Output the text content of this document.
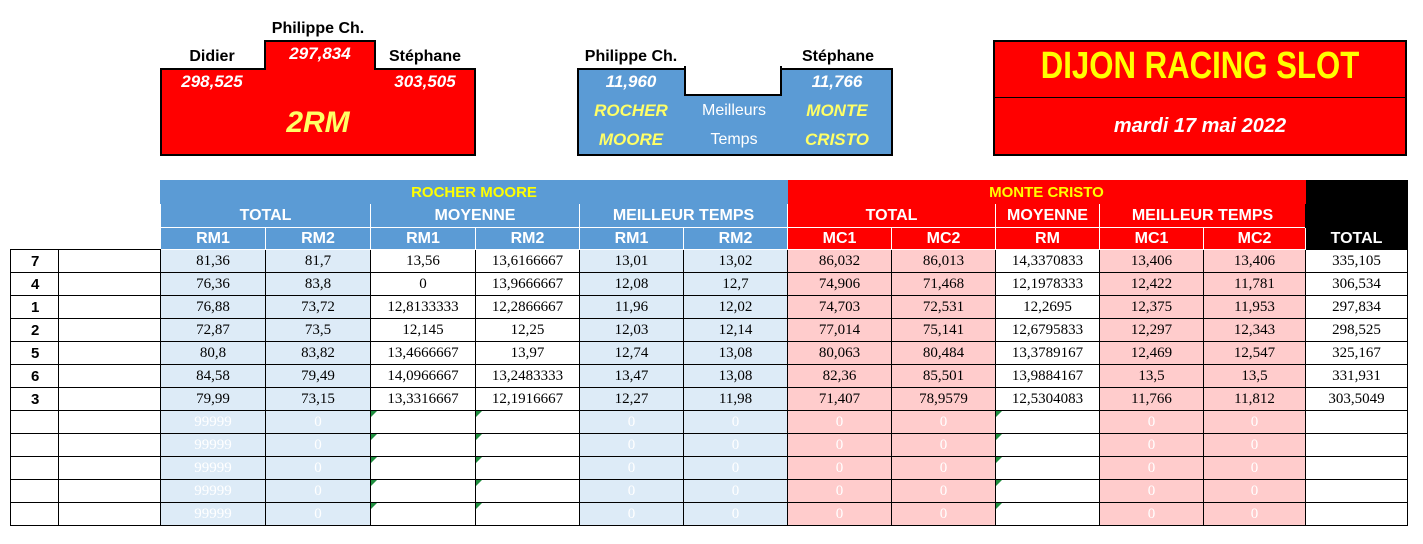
Philippe Ch.
Didier	Stéphane
297,834
298,525	303,505
2RM
Philippe Ch.	Stéphane
11,960	11,766
ROCHER
MOORE
Meilleurs
Temps
MONTE
CRISTO
DIJON RACING SLOT
mardi 17 mai 2022
		ROCHER MOORE						MONTE CRISTO					
		TOTAL		MOYENNE		MEILLEUR TEMPS		TOTAL		MOYENNE	MEILLEUR TEMPS		
		RM1	RM2	RM1	RM2	RM1	RM2	MC1	MC2	RM	MC1	MC2	TOTAL
7		81,36	81,7	13,56	13,6166667	13,01	13,02	86,032	86,013	14,3370833	13,406	13,406	335,105
4		76,36	83,8	0	13,9666667	12,08	12,7	74,906	71,468	12,1978333	12,422	11,781	306,534
1		76,88	73,72	12,8133333	12,2866667	11,96	12,02	74,703	72,531	12,2695	12,375	11,953	297,834
2		72,87	73,5	12,145	12,25	12,03	12,14	77,014	75,141	12,6795833	12,297	12,343	298,525
5		80,8	83,82	13,4666667	13,97	12,74	13,08	80,063	80,484	13,3789167	12,469	12,547	325,167
6		84,58	79,49	14,0966667	13,2483333	13,47	13,08	82,36	85,501	13,9884167	13,5	13,5	331,931
3		79,99	73,15	13,3316667	12,1916667	12,27	11,98	71,407	78,9579	12,5304083	11,766	11,812	303,5049
		99999	0			0	0	0	0		0	0	
		99999	0			0	0	0	0		0	0	
		99999	0			0	0	0	0		0	0	
		99999	0			0	0	0	0		0	0	
		99999	0			0	0	0	0		0	0	
